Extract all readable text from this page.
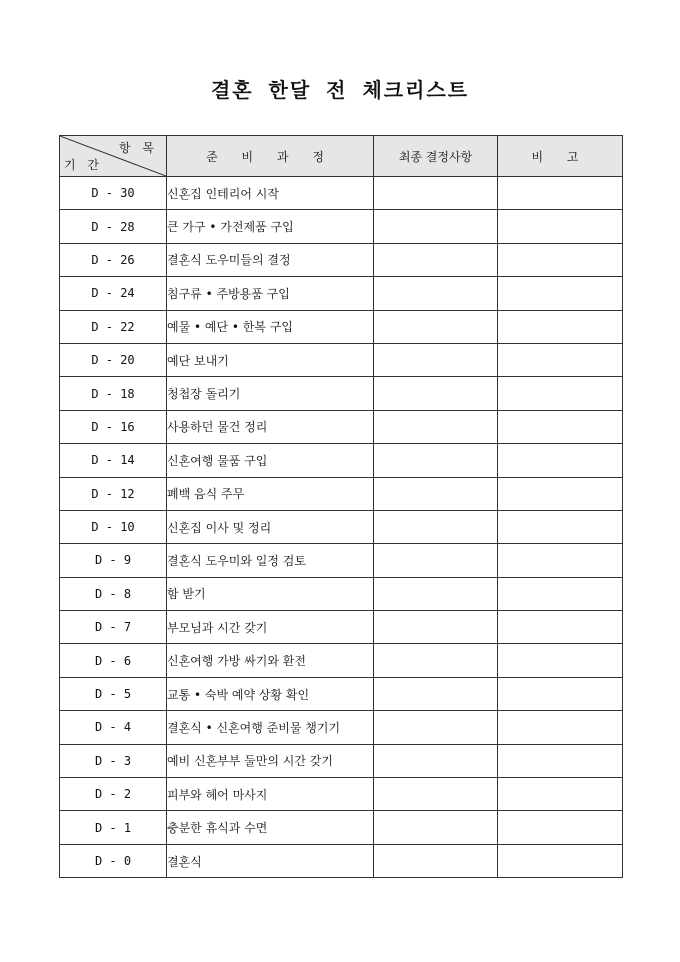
결혼 한달 전 체크리스트
항 목
기 간	준 비 과 정	최종 결정사항	비 고
D - 30	신혼집 인테리어 시작		
D - 28	큰 가구 • 가전제품 구입		
D - 26	결혼식 도우미들의 결정		
D - 24	침구류 • 주방용품 구입		
D - 22	예물 • 예단 • 한복 구입		
D - 20	예단 보내기		
D - 18	청첩장 돌리기		
D - 16	사용하던 물건 정리		
D - 14	신혼여행 물품 구입		
D - 12	폐백 음식 주무		
D - 10	신혼집 이사 및 정리		
D - 9	결혼식 도우미와 일정 검토		
D - 8	함 받기		
D - 7	부모님과 시간 갖기		
D - 6	신혼여행 가방 싸기와 환전		
D - 5	교통 • 숙박 예약 상황 확인		
D - 4	결혼식 • 신혼여행 준비물 챙기기		
D - 3	예비 신혼부부 둘만의 시간 갖기		
D - 2	피부와 헤어 마사지		
D - 1	충분한 휴식과 수면		
D - 0	결혼식		
